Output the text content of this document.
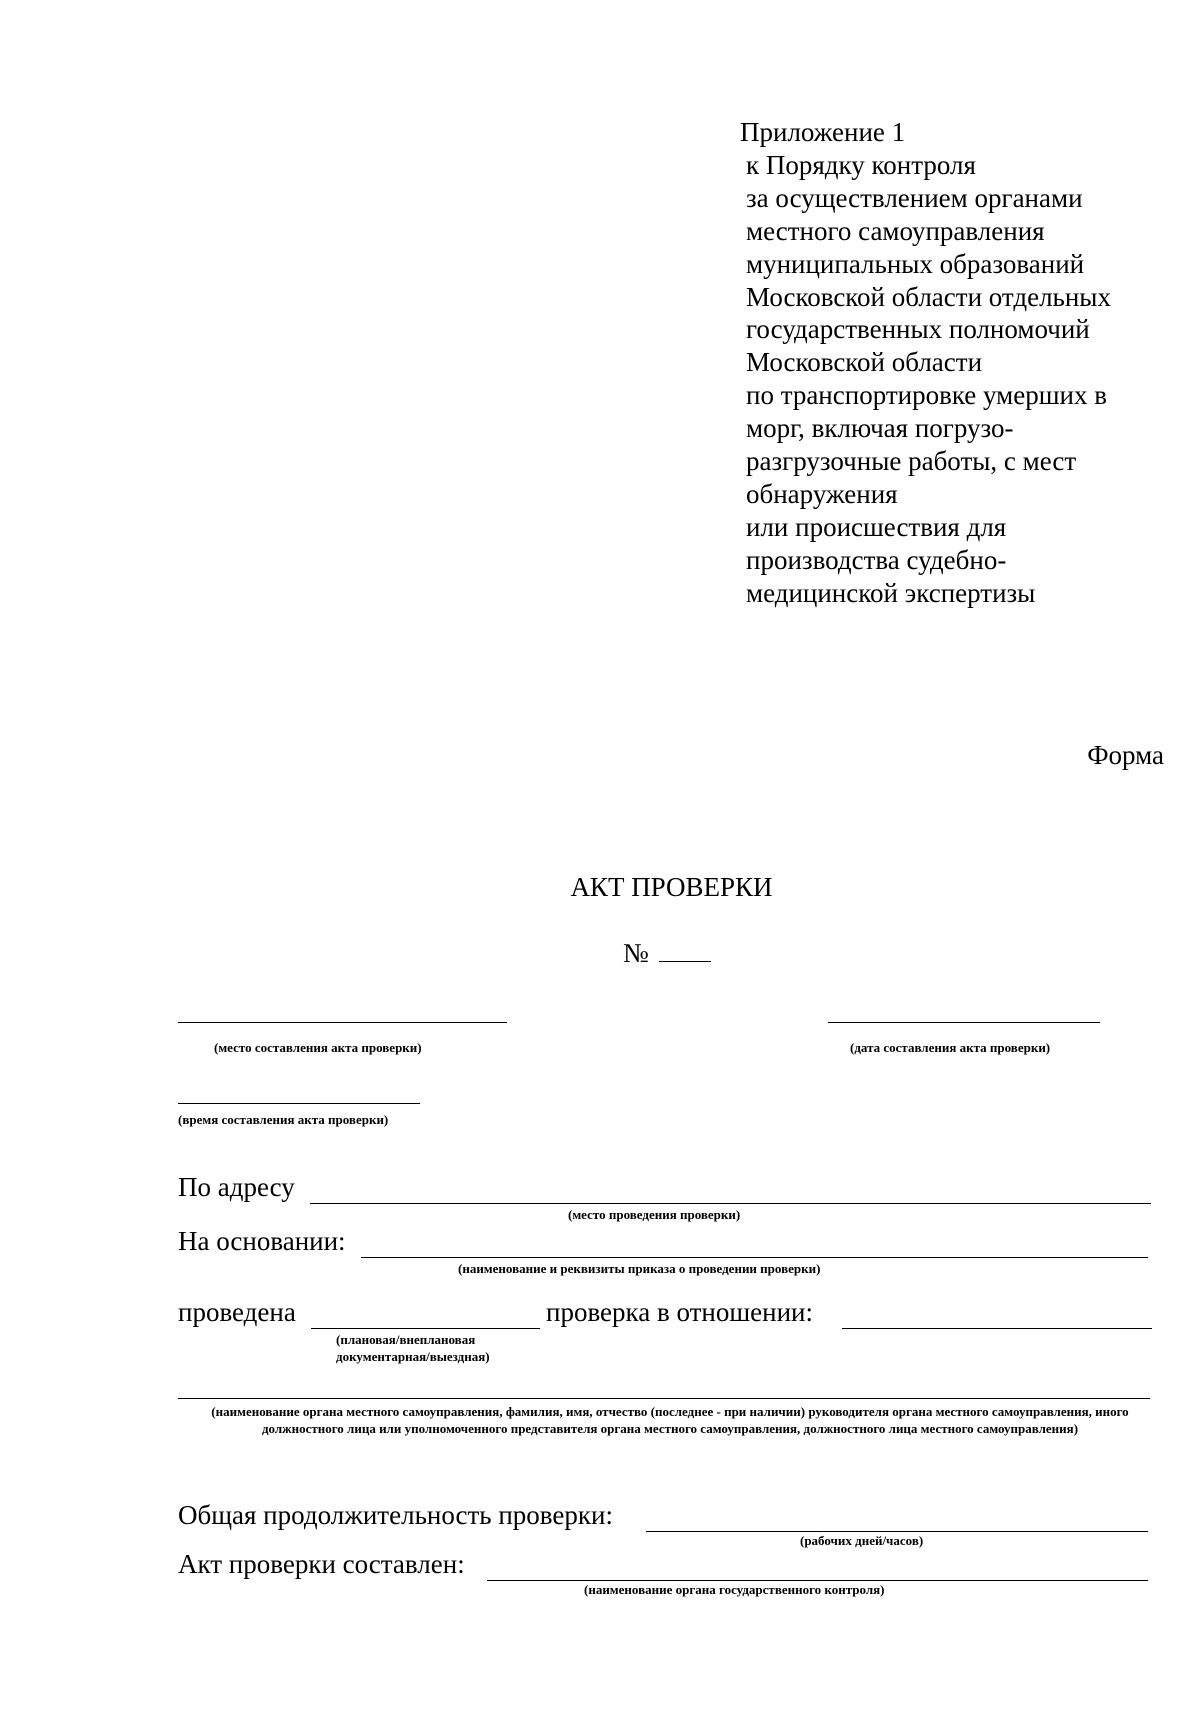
Приложение 1
к Порядку контроля
за осуществлением органами
местного самоуправления
муниципальных образований
Московской области отдельных
государственных полномочий
Московской области
по транспортировке умерших в
морг, включая погрузо-
разгрузочные работы, с мест
обнаружения
или происшествия для
производства судебно-
медицинской экспертизы
Форма
АКТ ПРОВЕРКИ
№
(место составления акта проверки)	(дата составления акта проверки)
(время составления акта проверки)
По адресу
(место проведения проверки)
На основании:
(наименование и реквизиты приказа о проведении проверки)
проведена	проверка в отношении:
(плановая/внеплановая документарная/выездная)
(наименование органа местного самоуправления, фамилия, имя, отчество (последнее - при наличии) руководителя органа местного самоуправления, иного должностного лица или уполномоченного представителя органа местного самоуправления, должностного лица местного самоуправления)
Общая продолжительность проверки:
(рабочих дней/часов)
Акт проверки составлен:
(наименование органа государственного контроля)
